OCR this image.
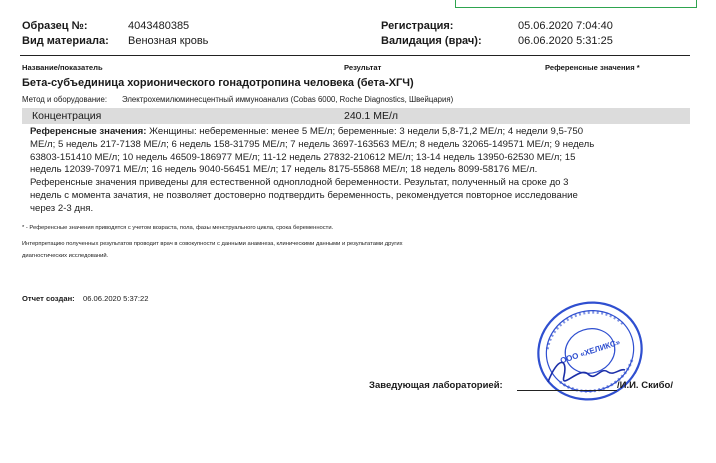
Образец №:	4043480385
Вид материала: Венозная кровь
Регистрация:	05.06.2020 7:04:40
Валидация (врач):	06.06.2020 5:31:25
Название/показатель	Результат	Референсные значения *
Бета-субъединица хорионического гонадотропина человека (бета-ХГЧ)
Метод и оборудование: Электрохемилюминесцентный иммуноанализ (Cobas 6000, Roche Diagnostics, Швейцария)
Концентрация	240.1 МЕ/л
Референсные значения: Женщины: небеременные: менее 5 МЕ/л; беременные: 3 недели 5,8-71,2 МЕ/л; 4 недели 9,5-750
МЕ/л; 5 недель 217-7138 МЕ/л; 6 недель 158-31795 МЕ/л; 7 недель 3697-163563 МЕ/л; 8 недель 32065-149571 МЕ/л; 9 недель
63803-151410 МЕ/л; 10 недель 46509-186977 МЕ/л; 11-12 недель 27832-210612 МЕ/л; 13-14 недель 13950-62530 МЕ/л; 15
недель 12039-70971 МЕ/л; 16 недель 9040-56451 МЕ/л; 17 недель 8175-55868 МЕ/л; 18 недель 8099-58176 МЕ/л.
Референсные значения приведены для естественной одноплодной беременности. Результат, полученный на сроке до 3
недель с момента зачатия, не позволяет достоверно подтвердить беременность, рекомендуется повторное исследование
через 2-3 дня.
* - Референсные значения приводятся с учетом возраста, пола, фазы менструального цикла, срока беременности.
Интерпретацию полученных результатов проводит врач в совокупности с данными анамнеза, клиническими данными и результатами других
диагностических исследований.
Отчет создан: 06.06.2020 5:37:22
ООО «ХЕЛИКС»
Заведующая лабораторией:	/И.И. Скибо/
